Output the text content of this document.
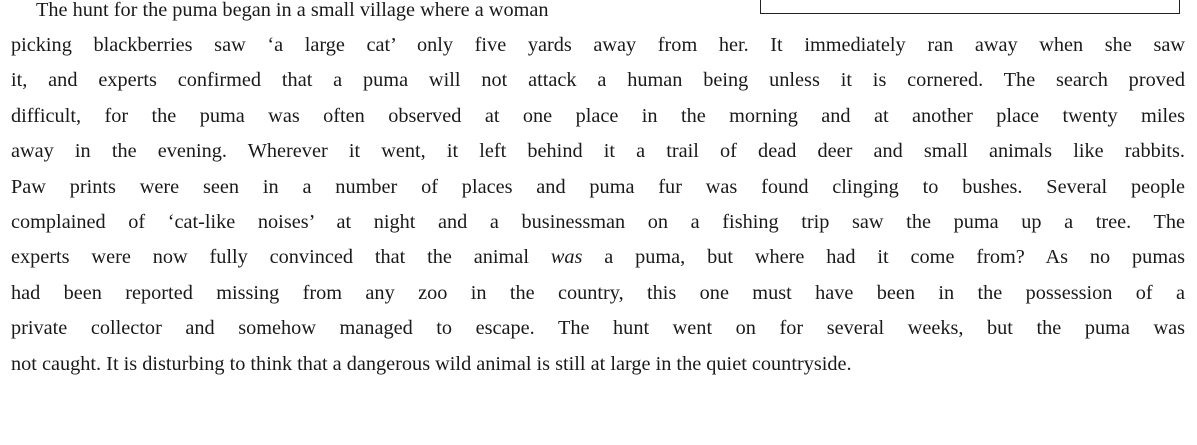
The hunt for the puma began in a small village where a woman
picking blackberries saw ‘a large cat’ only five yards away from her. It immediately ran away when she saw
it, and experts confirmed that a puma will not attack a human being unless it is cornered. The search proved
difficult, for the puma was often observed at one place in the morning and at another place twenty miles
away in the evening. Wherever it went, it left behind it a trail of dead deer and small animals like rabbits.
Paw prints were seen in a number of places and puma fur was found clinging to bushes. Several people
complained of ‘cat-like noises’ at night and a businessman on a fishing trip saw the puma up a tree. The
experts were now fully convinced that the animal was a puma, but where had it come from? As no pumas
had been reported missing from any zoo in the country, this one must have been in the possession of a
private collector and somehow managed to escape. The hunt went on for several weeks, but the puma was
not caught. It is disturbing to think that a dangerous wild animal is still at large in the quiet countryside.
